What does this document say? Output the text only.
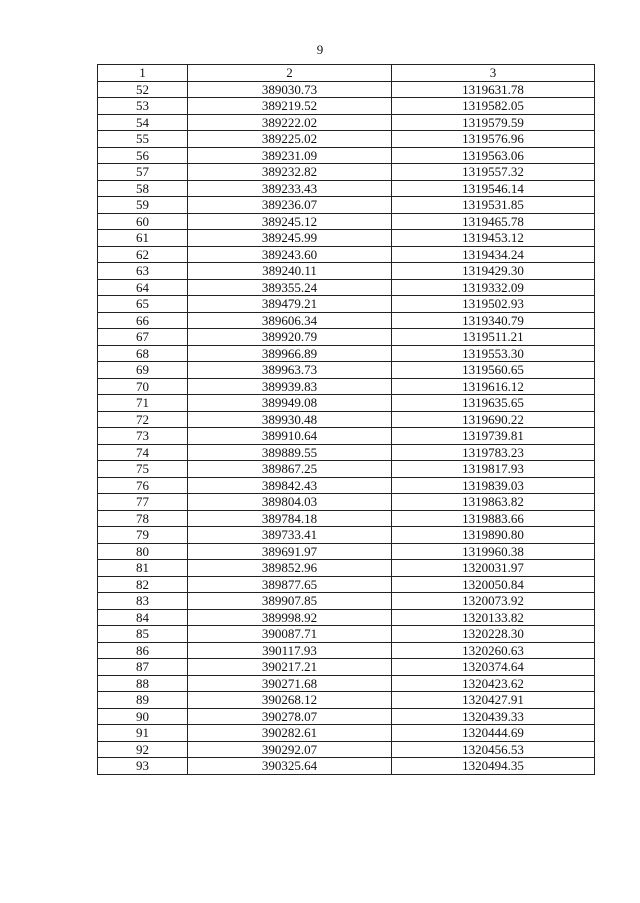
9
1	2	3
52	389030.73	1319631.78
53	389219.52	1319582.05
54	389222.02	1319579.59
55	389225.02	1319576.96
56	389231.09	1319563.06
57	389232.82	1319557.32
58	389233.43	1319546.14
59	389236.07	1319531.85
60	389245.12	1319465.78
61	389245.99	1319453.12
62	389243.60	1319434.24
63	389240.11	1319429.30
64	389355.24	1319332.09
65	389479.21	1319502.93
66	389606.34	1319340.79
67	389920.79	1319511.21
68	389966.89	1319553.30
69	389963.73	1319560.65
70	389939.83	1319616.12
71	389949.08	1319635.65
72	389930.48	1319690.22
73	389910.64	1319739.81
74	389889.55	1319783.23
75	389867.25	1319817.93
76	389842.43	1319839.03
77	389804.03	1319863.82
78	389784.18	1319883.66
79	389733.41	1319890.80
80	389691.97	1319960.38
81	389852.96	1320031.97
82	389877.65	1320050.84
83	389907.85	1320073.92
84	389998.92	1320133.82
85	390087.71	1320228.30
86	390117.93	1320260.63
87	390217.21	1320374.64
88	390271.68	1320423.62
89	390268.12	1320427.91
90	390278.07	1320439.33
91	390282.61	1320444.69
92	390292.07	1320456.53
93	390325.64	1320494.35
